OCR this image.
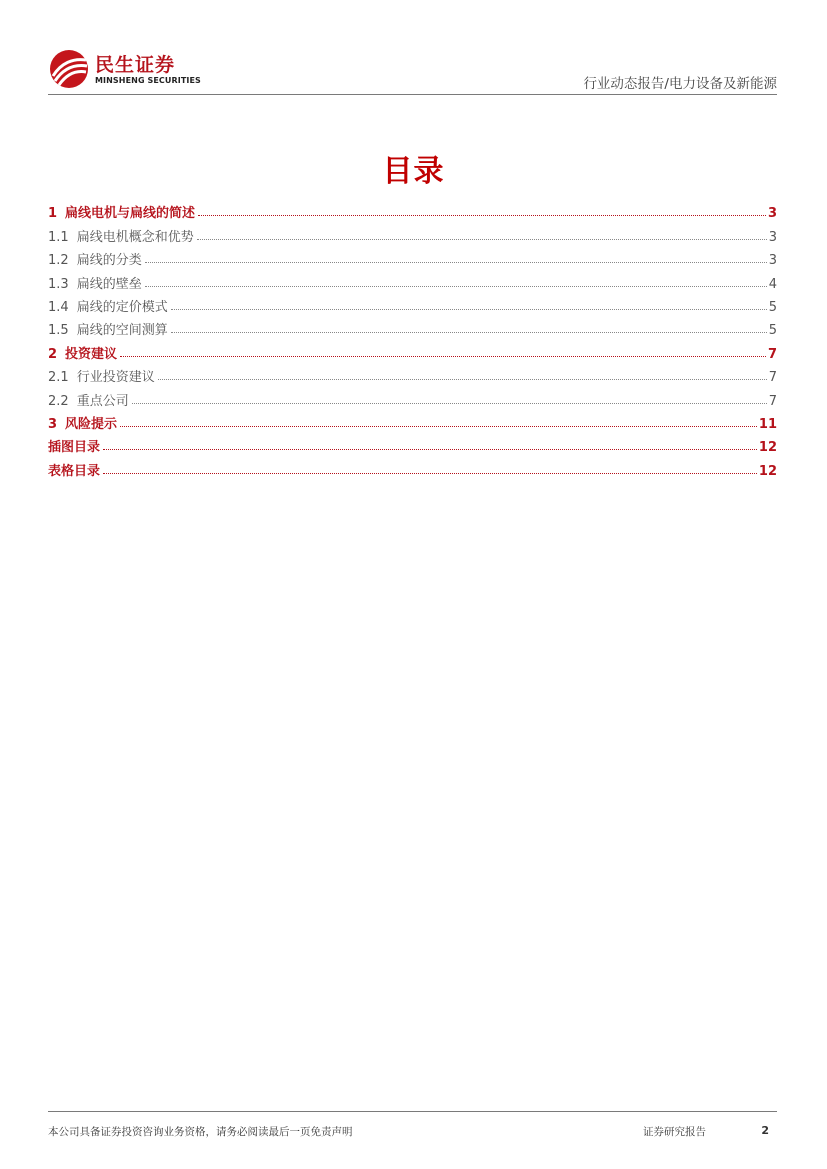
民生证券
MINSHENG SECURITIES	行业动态报告/电力设备及新能源
目录
1 扁线电机与扁线的简述	3
1.1 扁线电机概念和优势	3
1.2 扁线的分类	3
1.3 扁线的壁垒	4
1.4 扁线的定价模式	5
1.5 扁线的空间测算	5
2 投资建议	7
2.1 行业投资建议	7
2.2 重点公司	7
3 风险提示	11
插图目录	12
表格目录	12
本公司具备证券投资咨询业务资格，请务必阅读最后一页免责声明	证券研究报告	2
